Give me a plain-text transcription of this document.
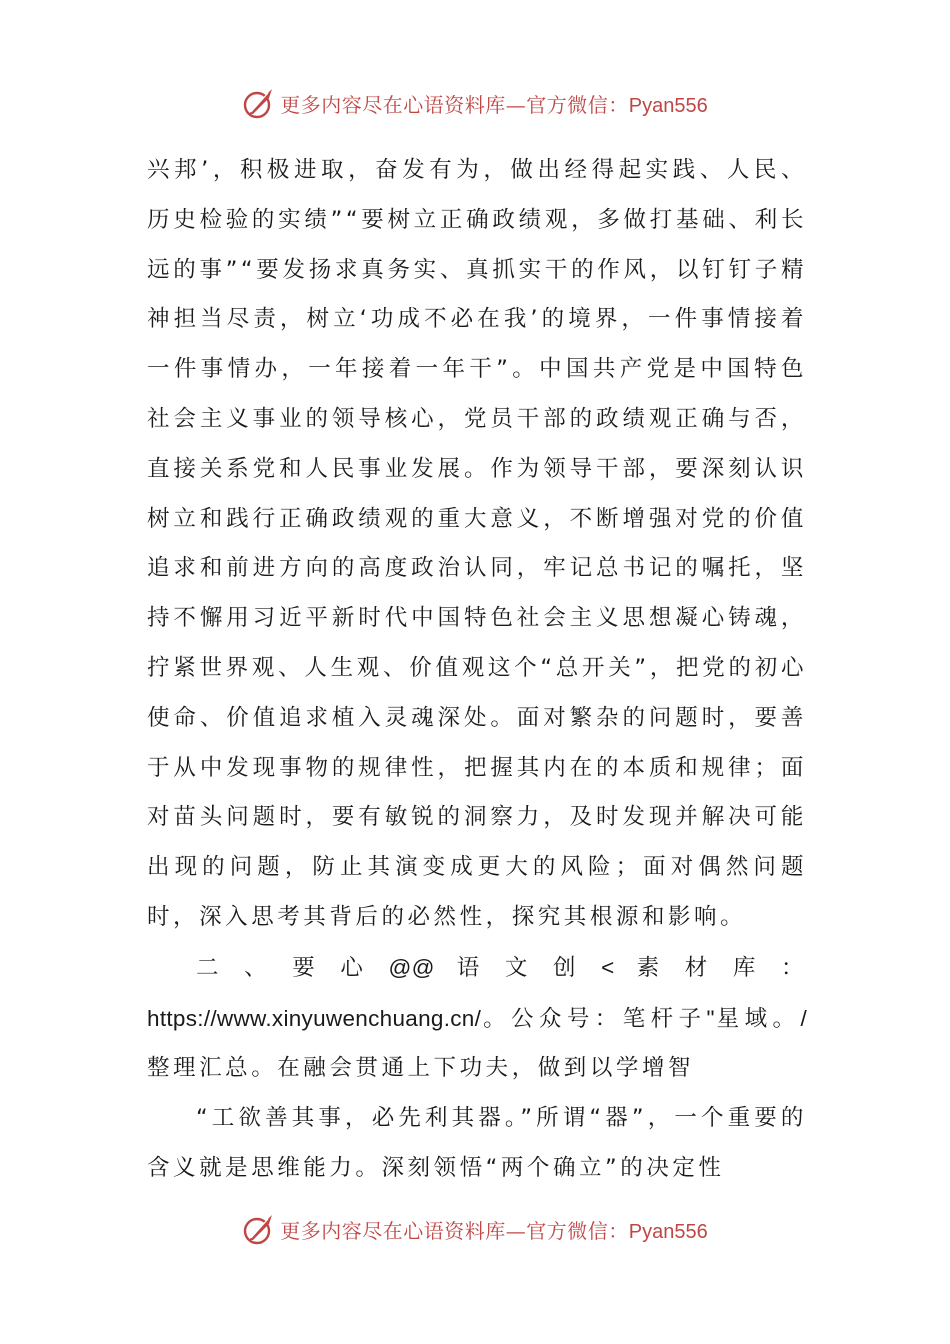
更多内容尽在心语资料库—官方微信：Pyan556

兴邦’，积极进取，奋发有为，做出经得起实践、人民、历史检验的实绩”“要树立正确政绩观，多做打基础、利长远的事”“要发扬求真务实、真抓实干的作风，以钉钉子精神担当尽责，树立‘功成不必在我’的境界，一件事情接着一件事情办，一年接着一年干”。中国共产党是中国特色社会主义事业的领导核心，党员干部的政绩观正确与否，直接关系党和人民事业发展。作为领导干部，要深刻认识树立和践行正确政绩观的重大意义，不断增强对党的价值追求和前进方向的高度政治认同，牢记总书记的嘱托，坚持不懈用习近平新时代中国特色社会主义思想凝心铸魂，拧紧世界观、人生观、价值观这个“总开关”，把党的初心使命、价值追求植入灵魂深处。面对繁杂的问题时，要善于从中发现事物的规律性，把握其内在的本质和规律；面对苗头问题时，要有敏锐的洞察力，及时发现并解决可能出现的问题，防止其演变成更大的风险；面对偶然问题时，深入思考其背后的必然性，探究其根源和影响。

二、要心@@语文创<素材库：https://www.xinyuwenchuang.cn/。公众号：笔杆子"星域。/整理汇总。在融会贯通上下功夫，做到以学增智

“工欲善其事，必先利其器。”所谓“器”，一个重要的含义就是思维能力。深刻领悟“两个确立”的决定性

更多内容尽在心语资料库—官方微信：Pyan556
